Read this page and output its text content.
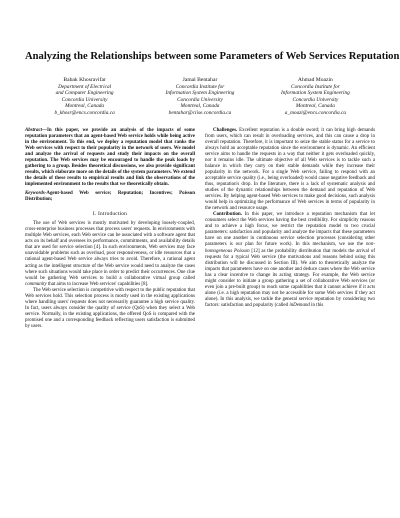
Analyzing the Relationships between some Parameters of Web Services Reputation
Babak Khosravifar
Department of Electrical
and Computer Engineering
Concordia University
Montreal, Canada
b_khosr@encs.concordia.ca
Jamal Bentahar
Concordia Institute for
Information System Engineering
Concordia University
Montreal, Canada
bentahar@ciise.concordia.ca
Ahmad Moazin
Concordia Institute for
Information System Engineering
Concordia University
Montreal, Canada
a_moazi@encs.concordia.ca

Abstract—In this paper, we provide an analysis of the impacts of some reputation parameters that an agent-based Web service holds while being active in the environment. To this end, we deploy a reputation model that ranks the Web services with respect to their popularity in the network of users. We model and analyze the arrival of requests and study their impacts on the overall reputation. The Web services may be encouraged to handle the peak loads by gathering to a group. Besides theoretical discussions, we also provide significant results, which elaborate more on the details of the system parameters. We extend the details of these results to empirical results and link the observations of the implemented environment to the results that we theoretically obtain.

Keywords-Agent-based Web service; Reputation; Incentives; Poisson Distribution;

I. Introduction

The use of Web services is mostly motivated by developing loosely-coupled, cross-enterprise business processes that process users' requests. In environments with multiple Web services, each Web service can be associated with a software agent that acts on its behalf and oversees its performance, commitments, and availability details that are used for service selection [4]. In such environments, Web services may face unavoidable problems such as overload, poor responsiveness, or idle resources that a rational agent-based Web service always tries to avoid. Therefore, a rational agent acting as the intelligent structure of the Web service would need to analyze the cases where such situations would take place in order to predict their occurrences. One clue would be gathering Web services to build a collaborative virtual group called community that aims to increase Web services' capabilities [8].

The Web service selection is competitive with respect to the public reputation that Web services hold. This selection process is mostly used in the existing applications where handling users' requests does not necessarily guarantee a high service quality. In fact, users always consider the quality of service (QoS) when they select a Web service. Normally, in the existing applications, the offered QoS is compared with the promised one and a corresponding feedback reflecting users satisfaction is submitted by users.

Challenges. Excellent reputation is a double sword; it can bring high demands from users, which can result in overloading services, and this can cause a drop in overall reputation. Therefore, it is important to seize the stable status for a service to always hold an acceptable reputation since the environment is dynamic. An efficient service aims to handle the requests in a way that neither it gets overloaded quickly, nor it remains idle. The ultimate objective of all Web services is to tackle such a balance in which they carry on their stable demands while they increase their popularity in the network. For a single Web service, failing to respond with an acceptable service quality (i.e., being overloaded) would cause negative feedback and thus, reputation's drop. In the literature, there is a lack of systematic analysis and studies of the dynamic relationships between the demand and reputation of Web services. By helping agent-based Web services to make good decisions, such analysis would help in optimizing the performance of Web services in terms of popularity in the network and resource usage.

Contribution. In this paper, we introduce a reputation mechanism that let consumers select the Web services having the best credibility. For simplicity reasons and to achieve a high focus, we restrict the reputation model to two crucial parameters: satisfaction and popularity and analyze the impacts that these parameters have on one another in continuous service selection processes (considering other parameters is our plan for future work). In this mechanism, we use the non-homogeneous Poisson [12] as the probability distribution that models the arrival of requests for a typical Web service (the motivations and reasons behind using this distribution will be discussed in Section III). We aim to theoretically analyze the impacts that parameters have on one another and deduce cases where the Web service has a clear incentive to change its acting strategy. For example, the Web service might consider to initiate a group gathering a set of collaborative Web services (or even join a pre-built group) to reach some capabilities that it cannot achieve if it acts alone (i.e. a high reputation may not be accessible for some Web services if they act alone). In this analysis, we tackle the general service reputation by considering two factors: satisfaction and popularity (called inDemand in this
